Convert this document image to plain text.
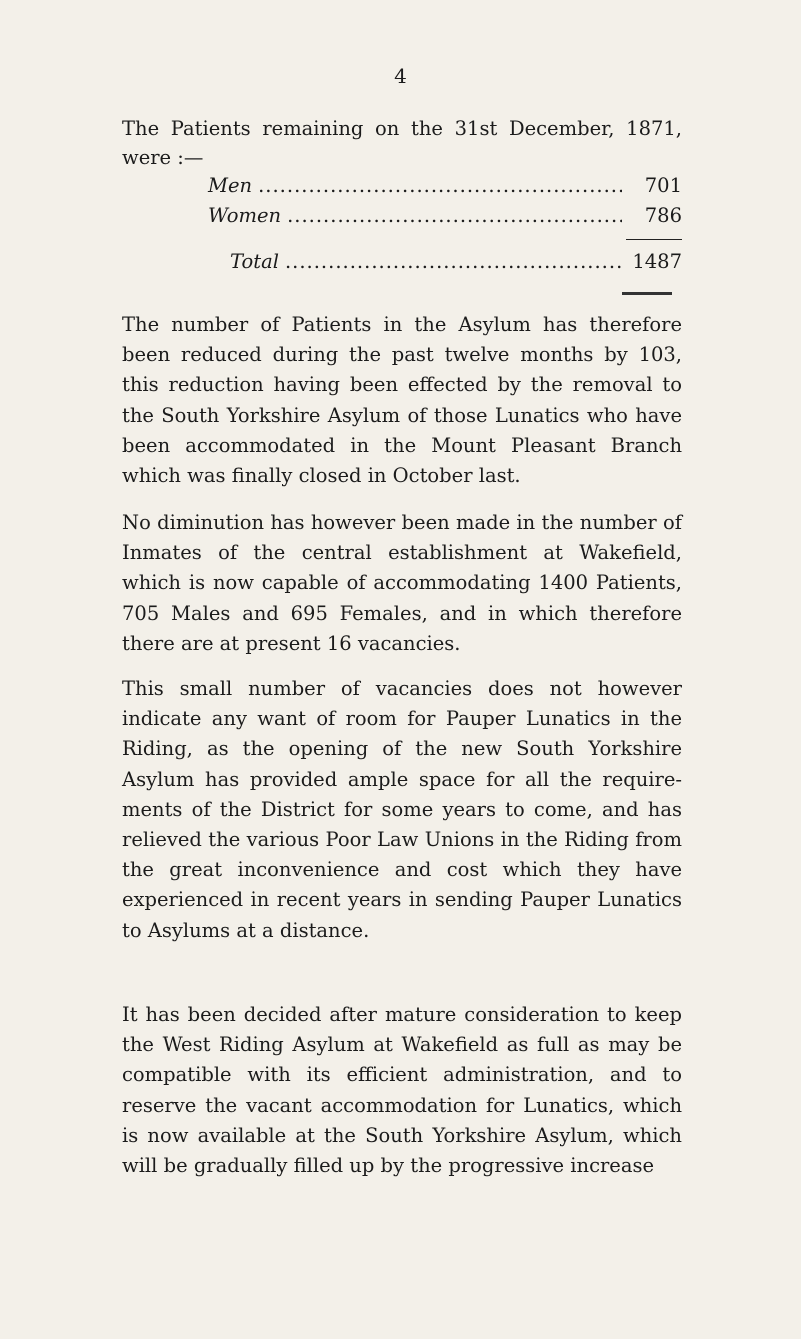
4
The Patients remaining on the 31st December, 1871,
were :—
Men .....	701
Women .....	786
Total .....	1487

The number of Patients in the Asylum has therefore been reduced during the past twelve months by 103, this reduction having been effected by the removal to the South Yorkshire Asylum of those Lunatics who have been accommodated in the Mount Pleasant Branch which was finally closed in October last.

No diminution has however been made in the number of Inmates of the central establishment at Wakefield, which is now capable of accommodating 1400 Patients, 705 Males and 695 Females, and in which therefore there are at present 16 vacancies.

This small number of vacancies does not however indicate any want of room for Pauper Lunatics in the Riding, as the opening of the new South Yorkshire Asylum has provided ample space for all the require- ments of the District for some years to come, and has relieved the various Poor Law Unions in the Riding from the great inconvenience and cost which they have experienced in recent years in sending Pauper Lunatics to Asylums at a distance.

It has been decided after mature consideration to keep the West Riding Asylum at Wakefield as full as may be compatible with its efficient administration, and to reserve the vacant accommodation for Lunatics, which is now available at the South Yorkshire Asylum, which will be gradually filled up by the progressive increase
